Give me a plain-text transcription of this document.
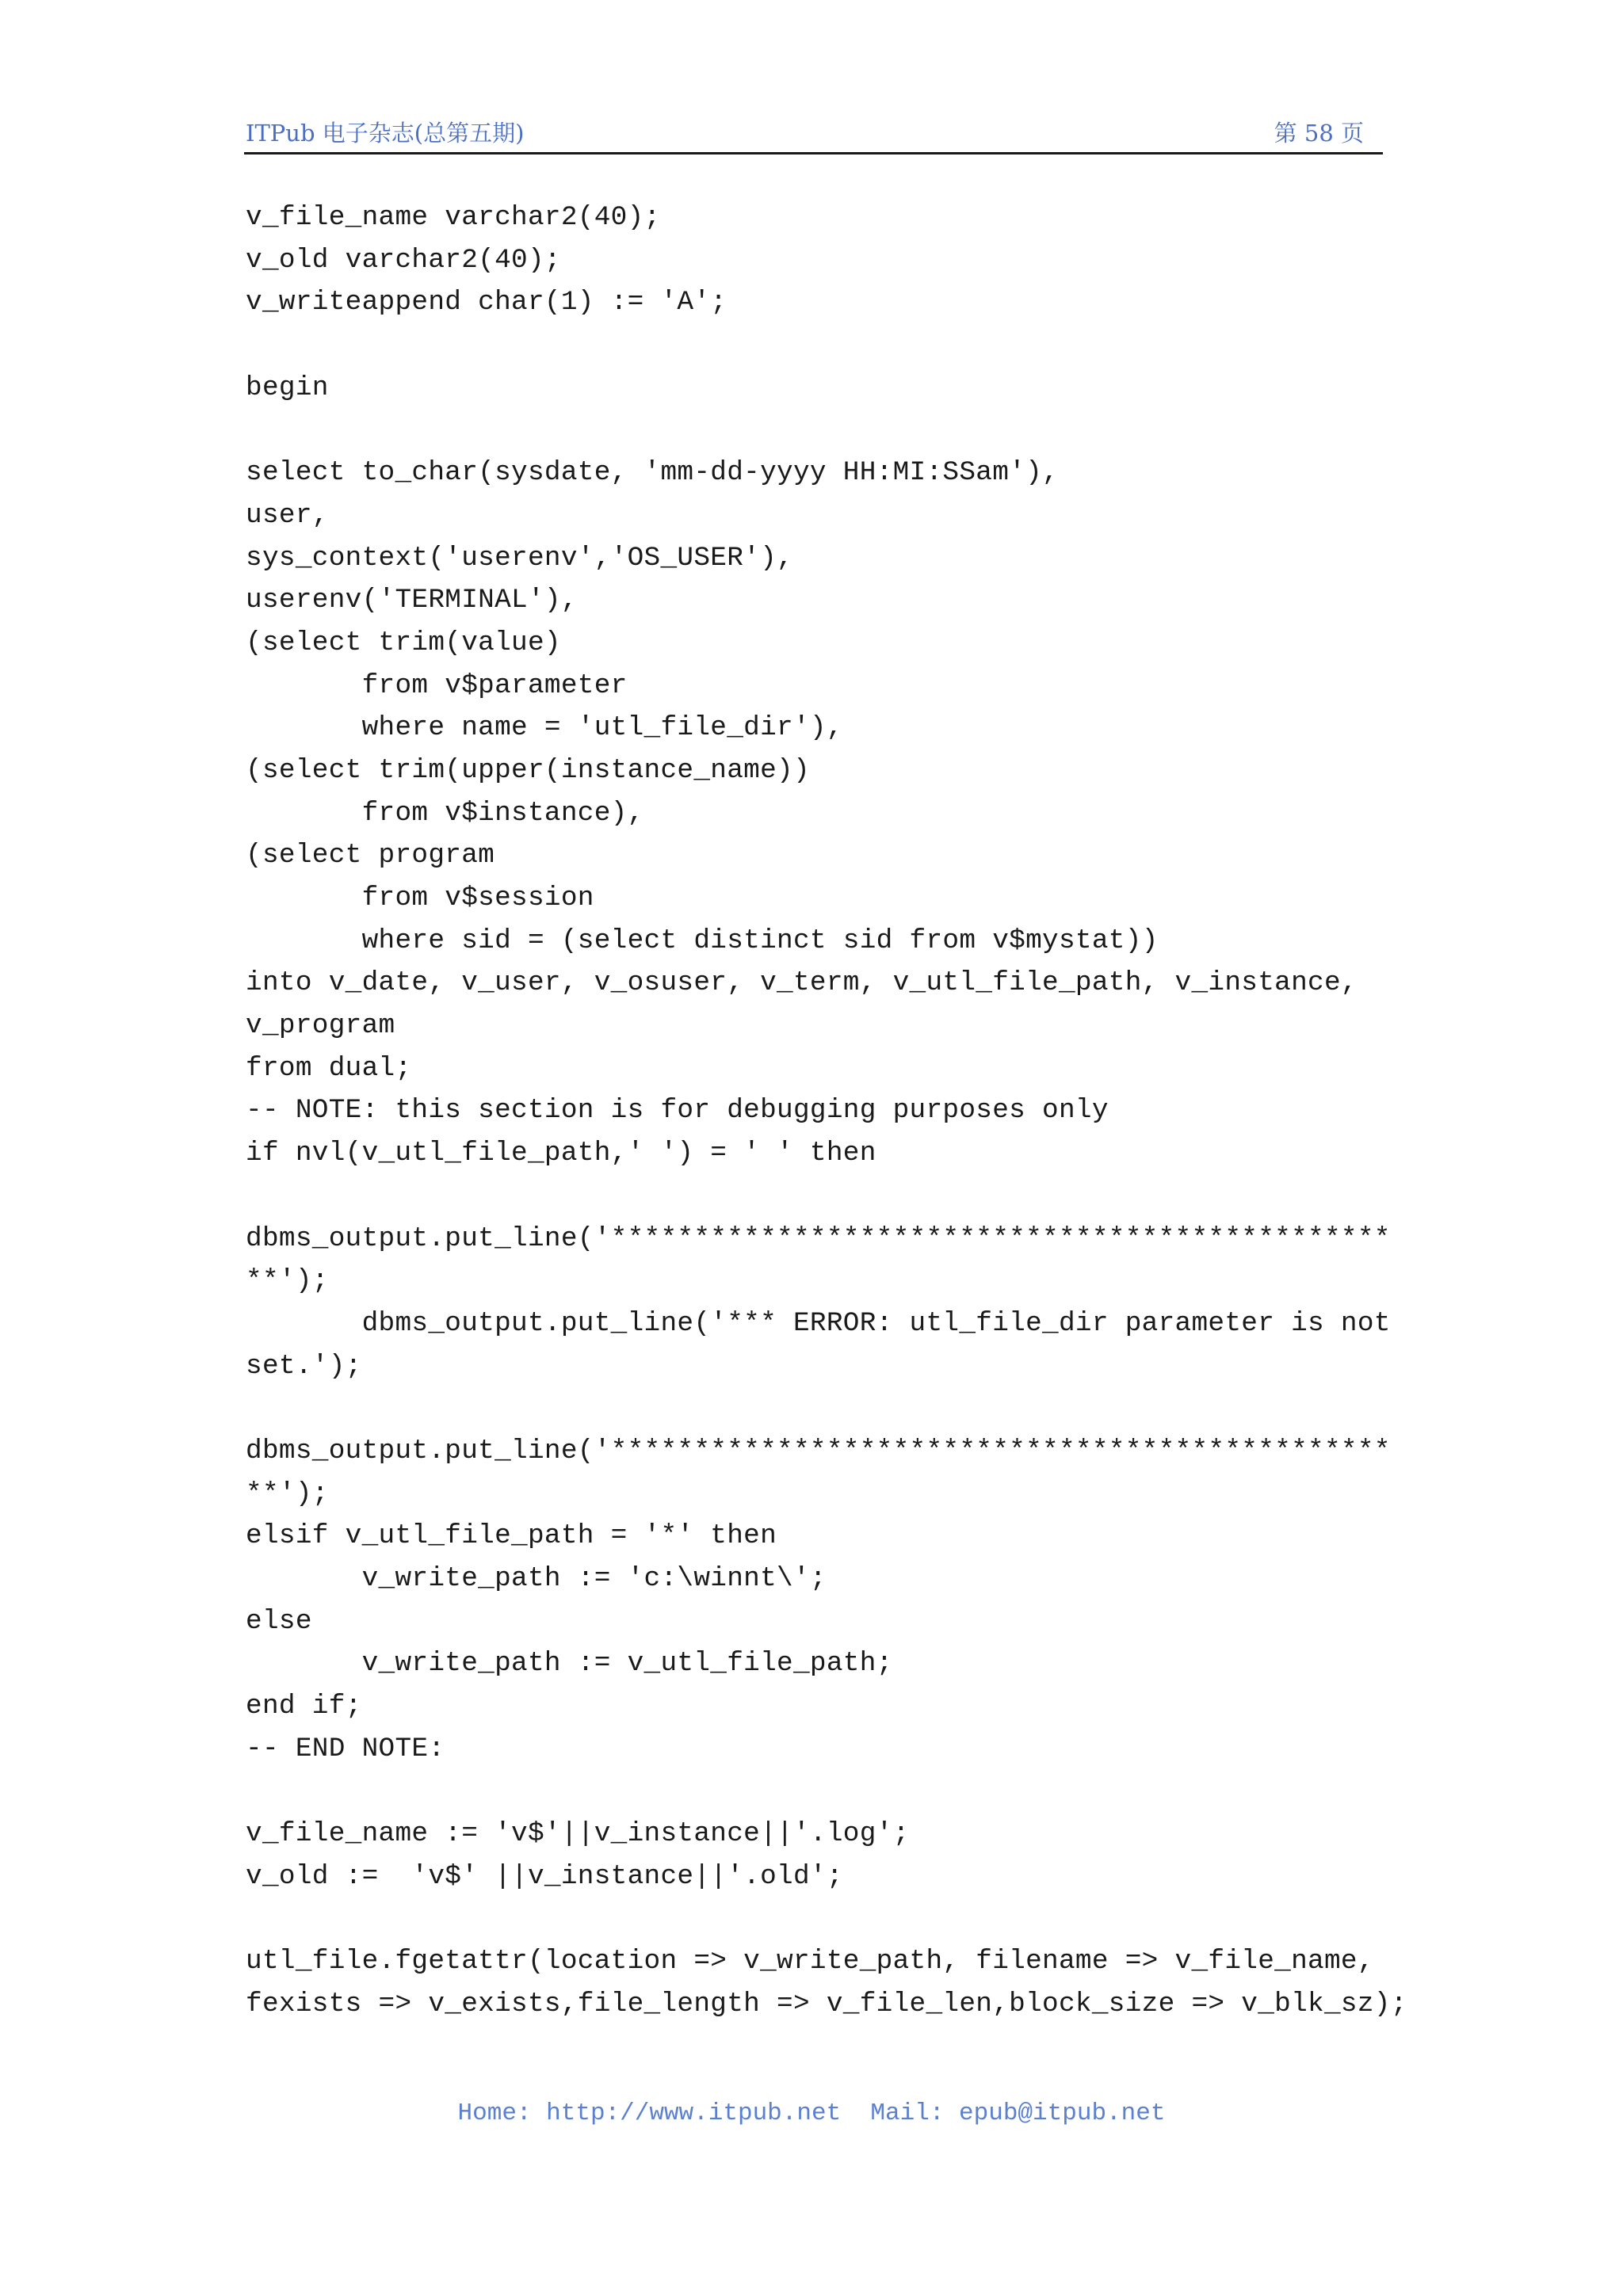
ITPub 电子杂志(总第五期)	第 58 页
v_file_name varchar2(40);
v_old varchar2(40);
v_writeappend char(1) := 'A';
begin
select to_char(sysdate, 'mm-dd-yyyy HH:MI:SSam'),
user,
sys_context('userenv','OS_USER'),
userenv('TERMINAL'),
(select trim(value)
from v$parameter
where name = 'utl_file_dir'),
(select trim(upper(instance_name))
from v$instance),
(select program
from v$session
where sid = (select distinct sid from v$mystat))
into v_date, v_user, v_osuser, v_term, v_utl_file_path, v_instance,
v_program
from dual;
-- NOTE: this section is for debugging purposes only
if nvl(v_utl_file_path,' ') = ' ' then
dbms_output.put_line('***********************************************
**');
dbms_output.put_line('*** ERROR: utl_file_dir parameter is not
set.');
dbms_output.put_line('***********************************************
**');
elsif v_utl_file_path = '*' then
v_write_path := 'c:\winnt\';
else
v_write_path := v_utl_file_path;
end if;
-- END NOTE:
v_file_name := 'v$'||v_instance||'.log';
v_old :=  'v$' ||v_instance||'.old';
utl_file.fgetattr(location => v_write_path, filename => v_file_name,
fexists => v_exists,file_length => v_file_len,block_size => v_blk_sz);
Home: http://www.itpub.net  Mail: epub@itpub.net
